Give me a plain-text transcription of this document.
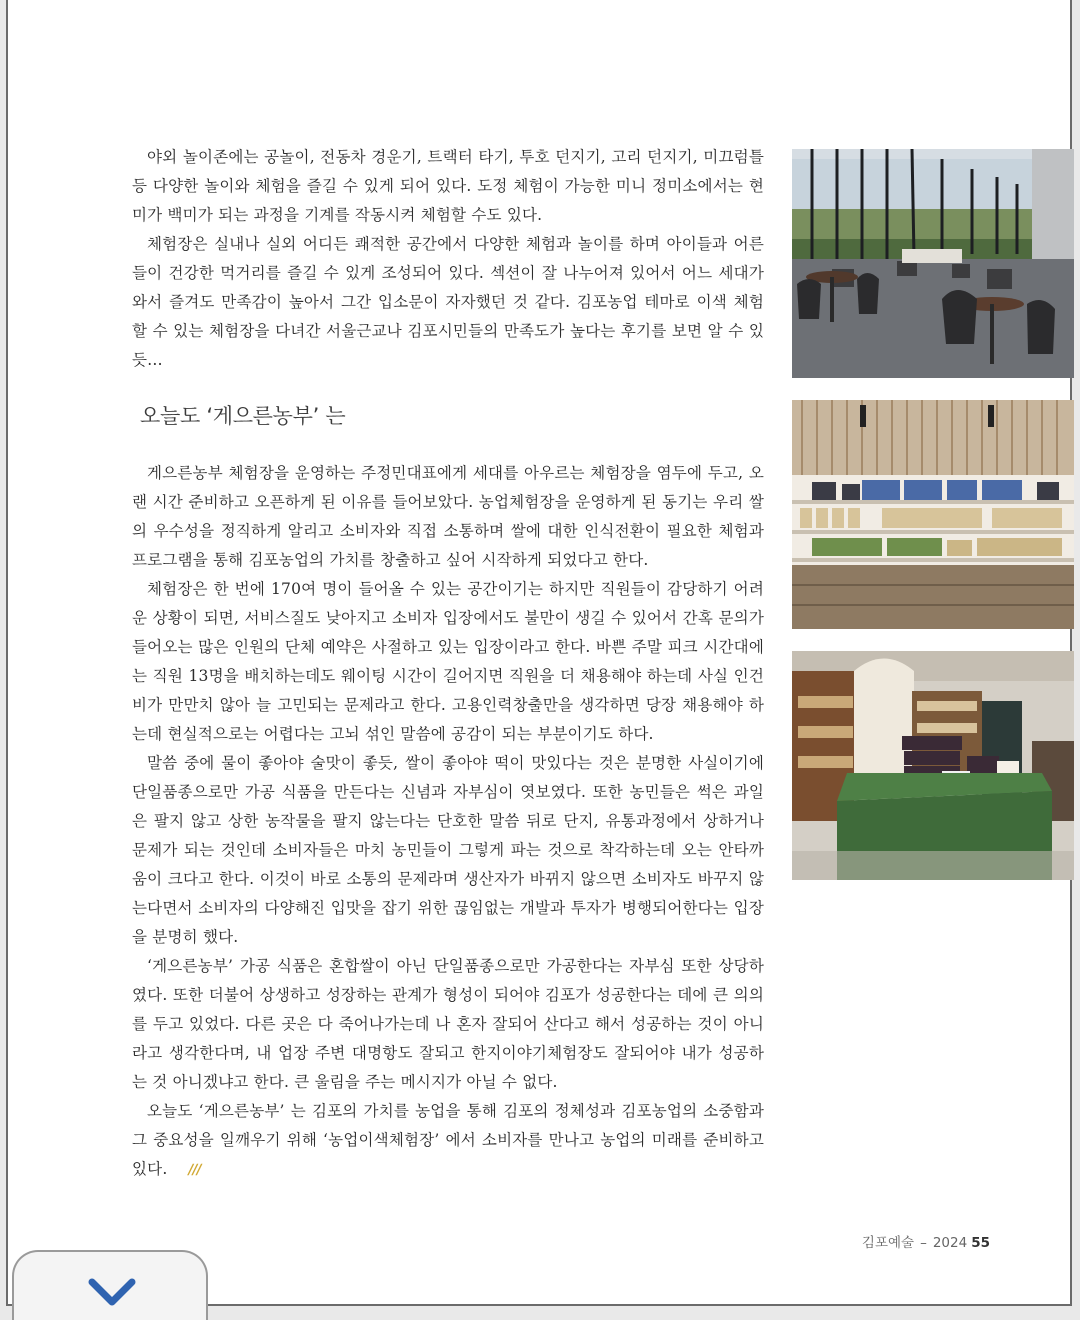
야외 놀이존에는 공놀이, 전동차 경운기, 트랙터 타기, 투호 던지기, 고리 던지기, 미끄럼틀 등 다양한 놀이와 체험을 즐길 수 있게 되어 있다. 도정 체험이 가능한 미니 정미소에서는 현미가 백미가 되는 과정을 기계를 작동시켜 체험할 수도 있다.

체험장은 실내나 실외 어디든 쾌적한 공간에서 다양한 체험과 놀이를 하며 아이들과 어른들이 건강한 먹거리를 즐길 수 있게 조성되어 있다. 섹션이 잘 나누어져 있어서 어느 세대가 와서 즐겨도 만족감이 높아서 그간 입소문이 자자했던 것 같다. 김포농업 테마로 이색 체험 할 수 있는 체험장을 다녀간 서울근교나 김포시민들의 만족도가 높다는 후기를 보면 알 수 있듯…

오늘도 ‘게으른농부’ 는

게으른농부 체험장을 운영하는 주정민대표에게 세대를 아우르는 체험장을 염두에 두고, 오랜 시간 준비하고 오픈하게 된 이유를 들어보았다. 농업체험장을 운영하게 된 동기는 우리 쌀의 우수성을 정직하게 알리고 소비자와 직접 소통하며 쌀에 대한 인식전환이 필요한 체험과 프로그램을 통해 김포농업의 가치를 창출하고 싶어 시작하게 되었다고 한다.

체험장은 한 번에 170여 명이 들어올 수 있는 공간이기는 하지만 직원들이 감당하기 어려운 상황이 되면, 서비스질도 낮아지고 소비자 입장에서도 불만이 생길 수 있어서 간혹 문의가 들어오는 많은 인원의 단체 예약은 사절하고 있는 입장이라고 한다. 바쁜 주말 피크 시간대에는 직원 13명을 배치하는데도 웨이팅 시간이 길어지면 직원을 더 채용해야 하는데 사실 인건비가 만만치 않아 늘 고민되는 문제라고 한다. 고용인력창출만을 생각하면 당장 채용해야 하는데 현실적으로는 어렵다는 고뇌 섞인 말씀에 공감이 되는 부분이기도 하다.

말씀 중에 물이 좋아야 술맛이 좋듯, 쌀이 좋아야 떡이 맛있다는 것은 분명한 사실이기에 단일품종으로만 가공 식품을 만든다는 신념과 자부심이 엿보였다. 또한 농민들은 썩은 과일은 팔지 않고 상한 농작물을 팔지 않는다는 단호한 말씀 뒤로 단지, 유통과정에서 상하거나 문제가 되는 것인데 소비자들은 마치 농민들이 그렇게 파는 것으로 착각하는데 오는 안타까움이 크다고 한다. 이것이 바로 소통의 문제라며 생산자가 바뀌지 않으면 소비자도 바꾸지 않는다면서 소비자의 다양해진 입맛을 잡기 위한 끊임없는 개발과 투자가 병행되어한다는 입장을 분명히 했다.

‘게으른농부’ 가공 식품은 혼합쌀이 아닌 단일품종으로만 가공한다는 자부심 또한 상당하였다. 또한 더불어 상생하고 성장하는 관계가 형성이 되어야 김포가 성공한다는 데에 큰 의의를 두고 있었다. 다른 곳은 다 죽어나가는데 나 혼자 잘되어 산다고 해서 성공하는 것이 아니라고 생각한다며, 내 업장 주변 대명항도 잘되고 한지이야기체험장도 잘되어야 내가 성공하는 것 아니겠냐고 한다. 큰 울림을 주는 메시지가 아닐 수 없다.

오늘도 ‘게으른농부’ 는 김포의 가치를 농업을 통해 김포의 정체성과 김포농업의 소중함과 그 중요성을 일깨우기 위해 ‘농업이색체험장’ 에서 소비자를 만나고 농업의 미래를 준비하고 있다. ///

김포예술 – 2024 55
